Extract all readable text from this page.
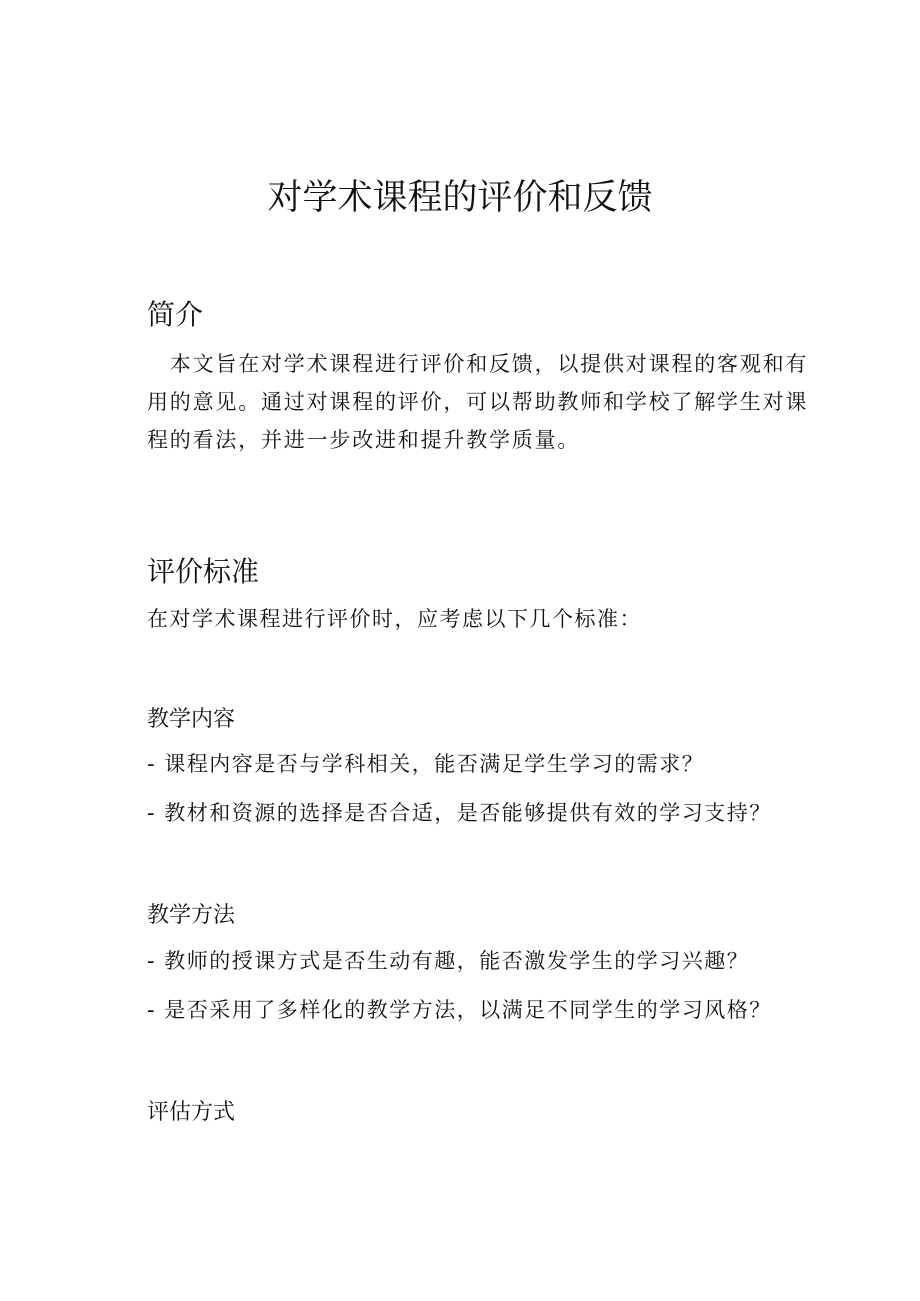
对学术课程的评价和反馈
简介
　本文旨在对学术课程进行评价和反馈，以提供对课程的客观和有用的意见。通过对课程的评价，可以帮助教师和学校了解学生对课程的看法，并进一步改进和提升教学质量。
评价标准
在对学术课程进行评价时，应考虑以下几个标准：
教学内容
- 课程内容是否与学科相关，能否满足学生学习的需求？
- 教材和资源的选择是否合适，是否能够提供有效的学习支持？
教学方法
- 教师的授课方式是否生动有趣，能否激发学生的学习兴趣？
- 是否采用了多样化的教学方法，以满足不同学生的学习风格？
评估方式
